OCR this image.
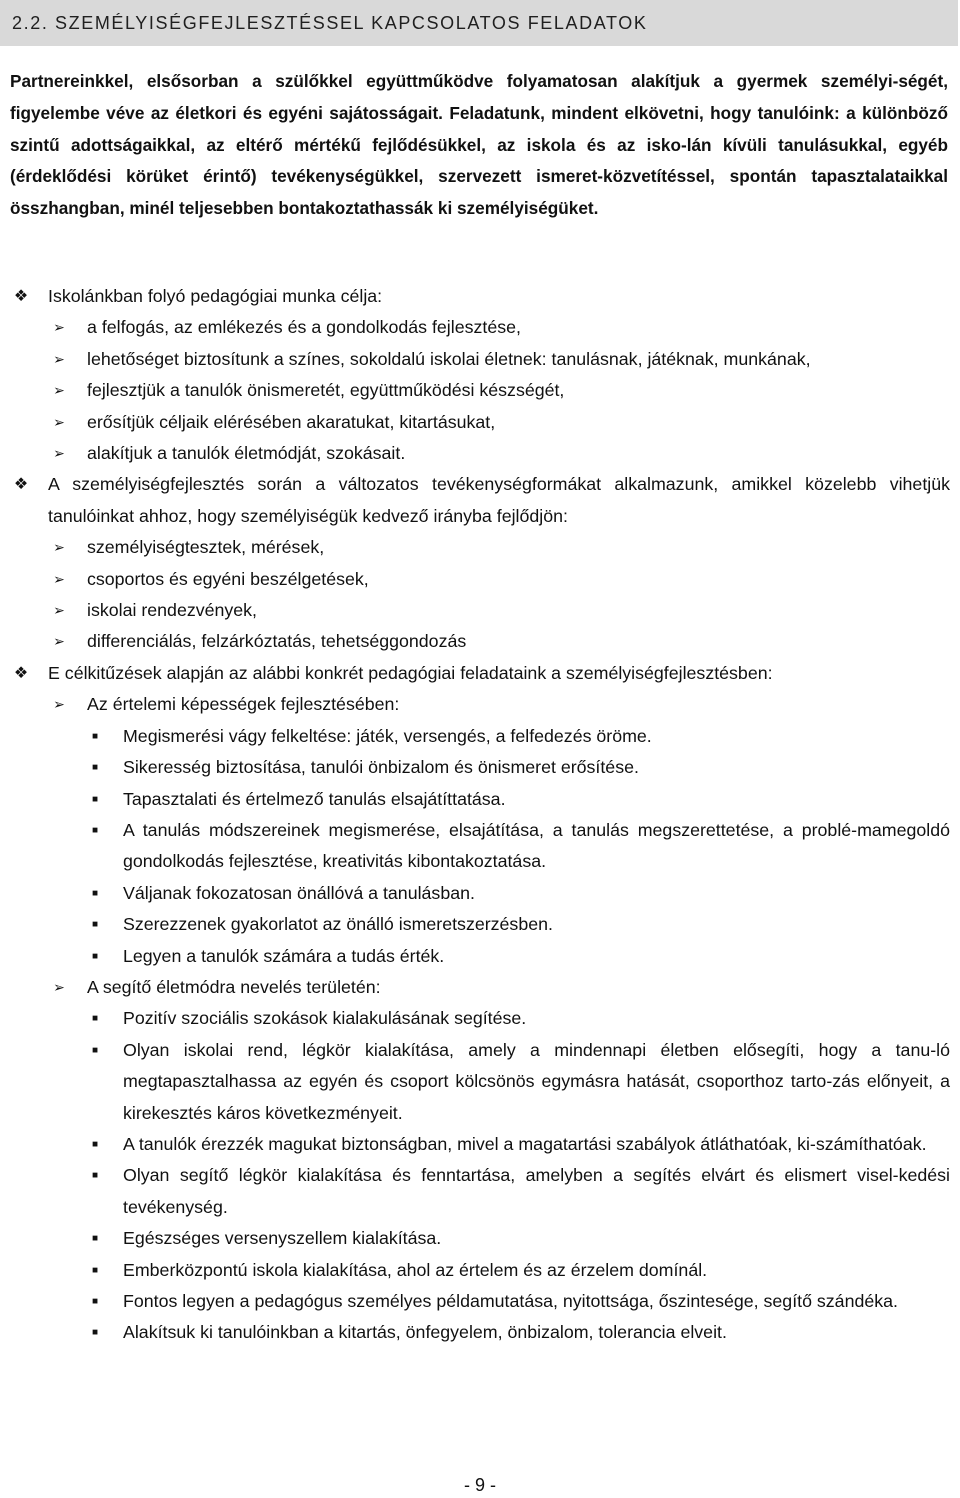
2.2. SZEMÉLYISÉGFEJLESZTÉSSEL KAPCSOLATOS FELADATOK

Partnereinkkel, elsősorban a szülőkkel együttműködve folyamatosan alakítjuk a gyermek személyi-ségét, figyelembe véve az életkori és egyéni sajátosságait. Feladatunk, mindent elkövetni, hogy tanulóink: a különböző szintű adottságaikkal, az eltérő mértékű fejlődésükkel, az iskola és az isko-lán kívüli tanulásukkal, egyéb (érdeklődési körüket érintő) tevékenységükkel, szervezett ismeret-közvetítéssel, spontán tapasztalataikkal összhangban, minél teljesebben bontakoztathassák ki személyiségüket.

❖ Iskolánkban folyó pedagógiai munka célja:
➢ a felfogás, az emlékezés és a gondolkodás fejlesztése,
➢ lehetőséget biztosítunk a színes, sokoldalú iskolai életnek: tanulásnak, játéknak, munkának,
➢ fejlesztjük a tanulók önismeretét, együttműködési készségét,
➢ erősítjük céljaik elérésében akaratukat, kitartásukat,
➢ alakítjuk a tanulók életmódját, szokásait.
❖ A személyiségfejlesztés során a változatos tevékenységformákat alkalmazunk, amikkel közelebb vihetjük tanulóinkat ahhoz, hogy személyiségük kedvező irányba fejlődjön:
➢ személyiségtesztek, mérések,
➢ csoportos és egyéni beszélgetések,
➢ iskolai rendezvények,
➢ differenciálás, felzárkóztatás, tehetséggondozás
❖ E célkitűzések alapján az alábbi konkrét pedagógiai feladataink a személyiségfejlesztésben:
➢ Az értelemi képességek fejlesztésében:
■	Megismerési vágy felkeltése: játék, versengés, a felfedezés öröme.
■	Sikeresség biztosítása, tanulói önbizalom és önismeret erősítése.
■	Tapasztalati és értelmező tanulás elsajátíttatása.
■	A tanulás módszereinek megismerése, elsajátítása, a tanulás megszerettetése, a problé-mamegoldó gondolkodás fejlesztése, kreativitás kibontakoztatása.
■	Váljanak fokozatosan önállóvá a tanulásban.
■	Szerezzenek gyakorlatot az önálló ismeretszerzésben.
■	Legyen a tanulók számára a tudás érték.
➢ A segítő életmódra nevelés területén:
■	Pozitív szociális szokások kialakulásának segítése.
■	Olyan iskolai rend, légkör kialakítása, amely a mindennapi életben elősegíti, hogy a tanu-ló megtapasztalhassa az egyén és csoport kölcsönös egymásra hatását, csoporthoz tarto-zás előnyeit, a kirekesztés káros következményeit.
■	A tanulók érezzék magukat biztonságban, mivel a magatartási szabályok átláthatóak, ki-számíthatóak.
■	Olyan segítő légkör kialakítása és fenntartása, amelyben a segítés elvárt és elismert visel-kedési tevékenység.
■	Egészséges versenyszellem kialakítása.
■	Emberközpontú iskola kialakítása, ahol az értelem és az érzelem domínál.
■	Fontos legyen a pedagógus személyes példamutatása, nyitottsága, őszintesége, segítő szándéka.
■	Alakítsuk ki tanulóinkban a kitartás, önfegyelem, önbizalom, tolerancia elveit.
- 9 -
